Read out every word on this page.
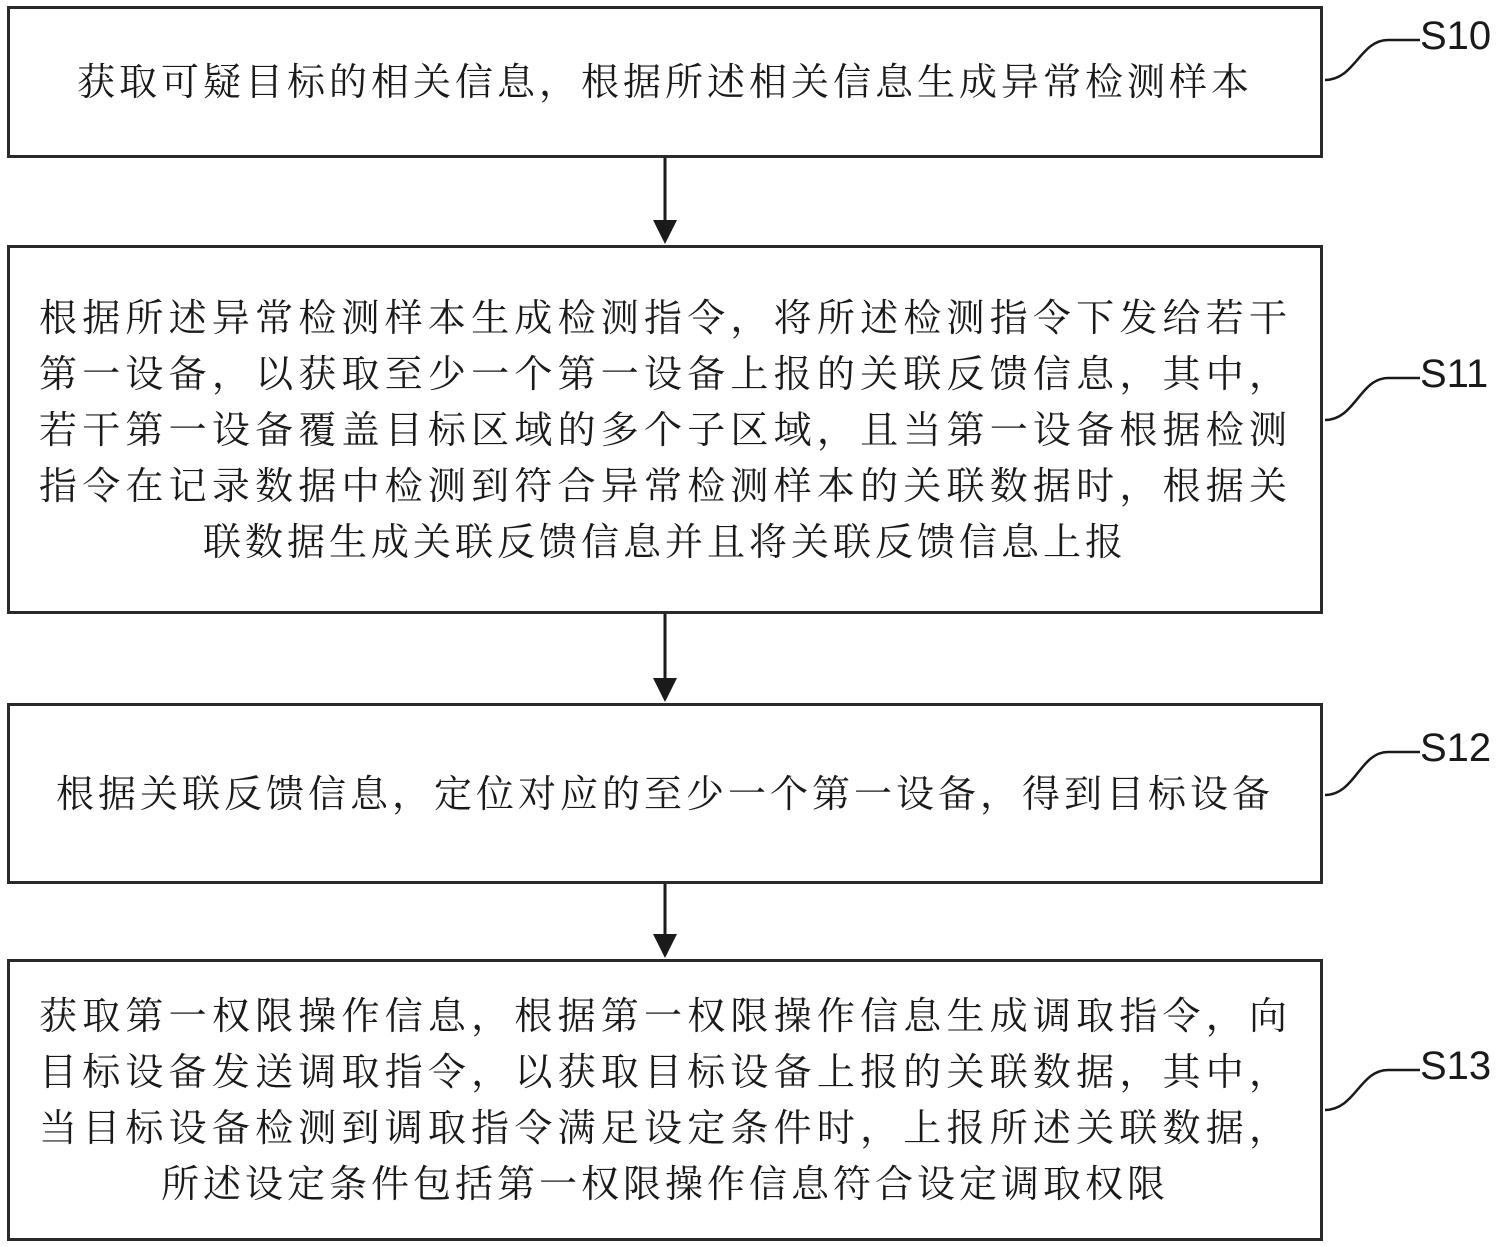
获取可疑目标的相关信息，根据所述相关信息生成异常检测样本

S10

根据所述异常检测样本生成检测指令，将所述检测指令下发给若干第一设备，以获取至少一个第一设备上报的关联反馈信息，其中，若干第一设备覆盖目标区域的多个子区域，且当第一设备根据检测指令在记录数据中检测到符合异常检测样本的关联数据时，根据关联数据生成关联反馈信息并且将关联反馈信息上报

S11

根据关联反馈信息，定位对应的至少一个第一设备，得到目标设备

S12

获取第一权限操作信息，根据第一权限操作信息生成调取指令，向目标设备发送调取指令，以获取目标设备上报的关联数据，其中，当目标设备检测到调取指令满足设定条件时，上报所述关联数据，所述设定条件包括第一权限操作信息符合设定调取权限

S13
